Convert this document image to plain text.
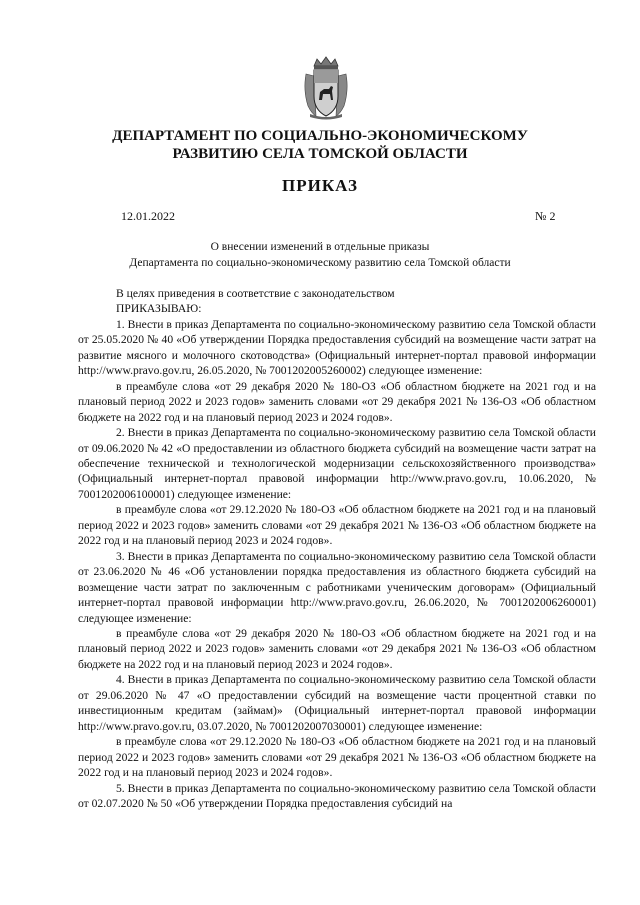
ДЕПАРТАМЕНТ ПО СОЦИАЛЬНО-ЭКОНОМИЧЕСКОМУ
РАЗВИТИЮ СЕЛА ТОМСКОЙ ОБЛАСТИ
ПРИКАЗ
12.01.2022	№ 2
О внесении изменений в отдельные приказы
Департамента по социально-экономическому развитию села Томской области

В целях приведения в соответствие с законодательством

ПРИКАЗЫВАЮ:

1. Внести в приказ Департамента по социально-экономическому развитию села Томской области от 25.05.2020 № 40 «Об утверждении Порядка предоставления субсидий на возмещение части затрат на развитие мясного и молочного скотоводства» (Официальный интернет-портал правовой информации http://www.pravo.gov.ru, 26.05.2020, № 7001202005260002) следующее изменение:

в преамбуле слова «от 29 декабря 2020 № 180-ОЗ «Об областном бюджете на 2021 год и на плановый период 2022 и 2023 годов» заменить словами «от 29 декабря 2021 № 136-ОЗ «Об областном бюджете на 2022 год и на плановый период 2023 и 2024 годов».

2. Внести в приказ Департамента по социально-экономическому развитию села Томской области от 09.06.2020 № 42 «О предоставлении из областного бюджета субсидий на возмещение части затрат на обеспечение технической и технологической модернизации сельскохозяйственного производства» (Официальный интернет-портал правовой информации http://www.pravo.gov.ru, 10.06.2020, № 7001202006100001) следующее изменение:

в преамбуле слова «от 29.12.2020 № 180-ОЗ «Об областном бюджете на 2021 год и на плановый период 2022 и 2023 годов» заменить словами «от 29 декабря 2021 № 136-ОЗ «Об областном бюджете на 2022 год и на плановый период 2023 и 2024 годов».

3. Внести в приказ Департамента по социально-экономическому развитию села Томской области от 23.06.2020 № 46 «Об установлении порядка предоставления из областного бюджета субсидий на возмещение части затрат по заключенным с работниками ученическим договорам» (Официальный интернет-портал правовой информации http://www.pravo.gov.ru, 26.06.2020, № 7001202006260001) следующее изменение:

в преамбуле слова «от 29 декабря 2020 № 180-ОЗ «Об областном бюджете на 2021 год и на плановый период 2022 и 2023 годов» заменить словами «от 29 декабря 2021 № 136-ОЗ «Об областном бюджете на 2022 год и на плановый период 2023 и 2024 годов».

4. Внести в приказ Департамента по социально-экономическому развитию села Томской области от 29.06.2020 № 47 «О предоставлении субсидий на возмещение части процентной ставки по инвестиционным кредитам (займам)» (Официальный интернет-портал правовой информации http://www.pravo.gov.ru, 03.07.2020, № 7001202007030001) следующее изменение:

в преамбуле слова «от 29.12.2020 № 180-ОЗ «Об областном бюджете на 2021 год и на плановый период 2022 и 2023 годов» заменить словами «от 29 декабря 2021 № 136-ОЗ «Об областном бюджете на 2022 год и на плановый период 2023 и 2024 годов».

5. Внести в приказ Департамента по социально-экономическому развитию села Томской области от 02.07.2020 № 50 «Об утверждении Порядка предоставления субсидий на
